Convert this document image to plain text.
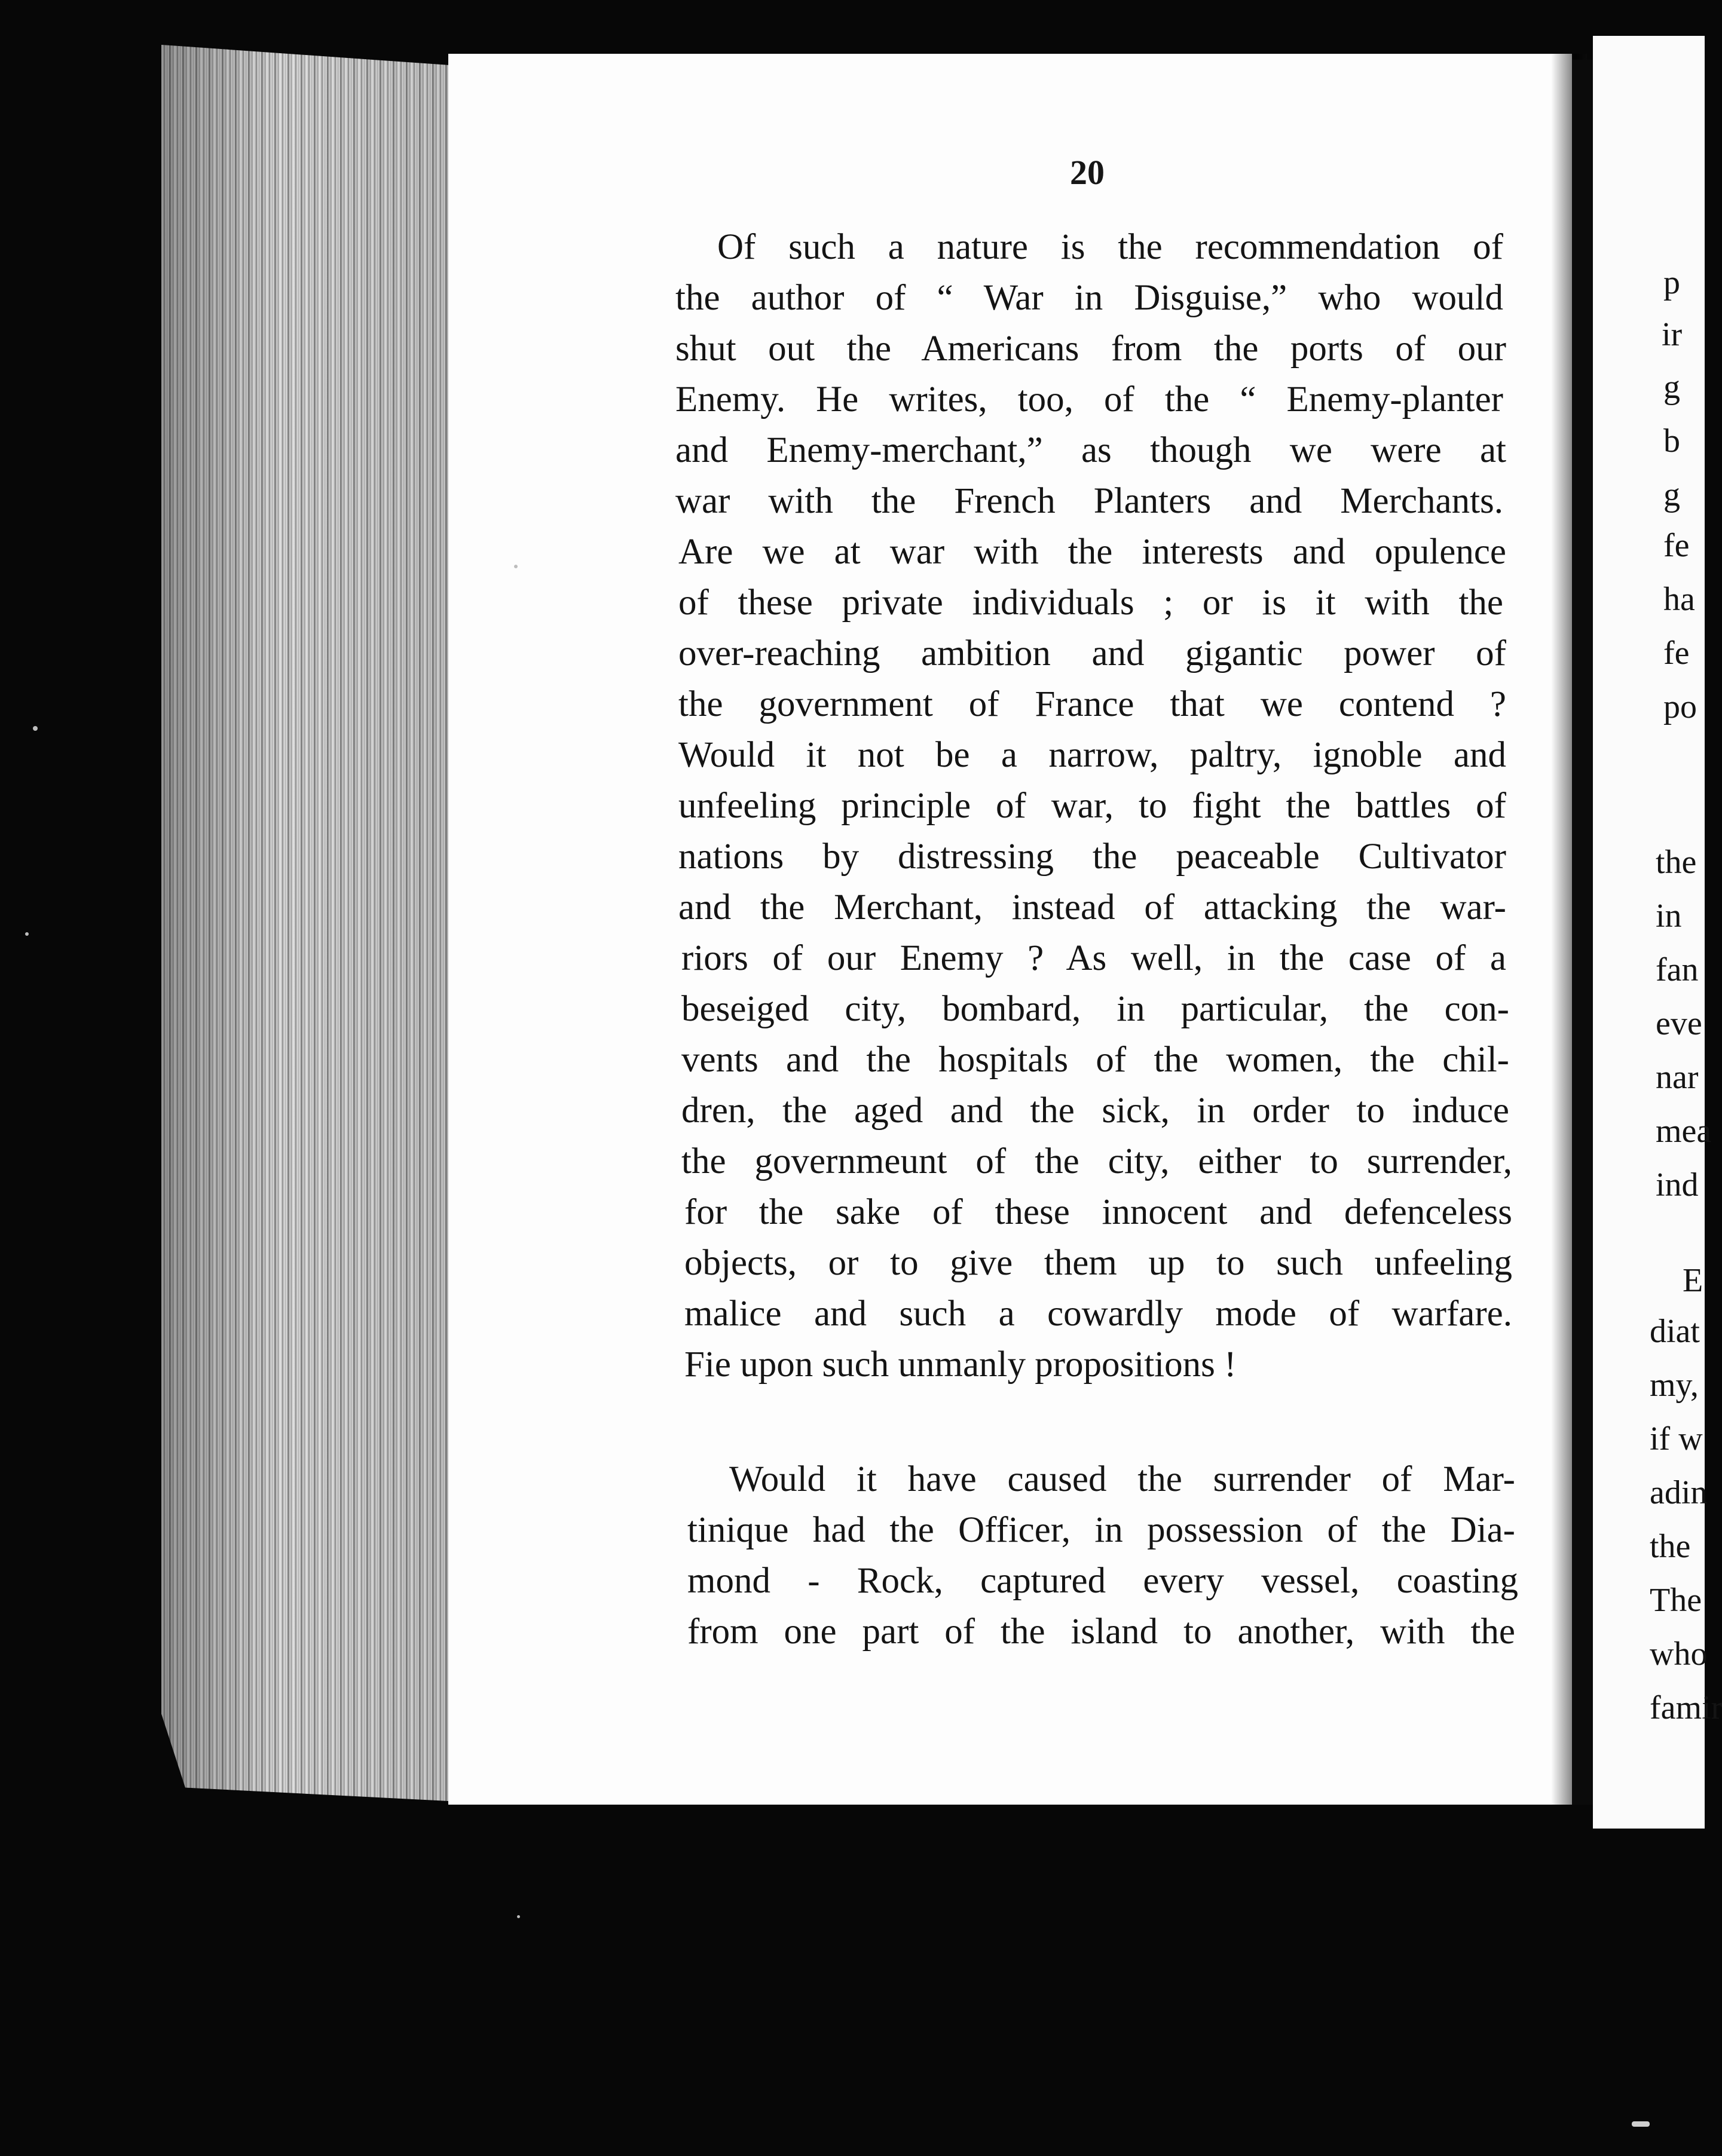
p
ir
g
b
g
fe
ha
fe
po
the
in
fan
eve
nar
mea
ind
E
diat
my,
if w
adin
the
The
who
famir
20
Of such a nature is the recommendation of
the author of “ War in Disguise,” who would
shut out the Americans from the ports of our
Enemy. He writes, too, of the “ Enemy-planter
and Enemy-merchant,” as though we were at
war with the French Planters and Merchants.
Are we at war with the interests and opulence
of these private individuals ; or is it with the
over-reaching ambition and gigantic power of
the government of France that we contend ?
Would it not be a narrow, paltry, ignoble and
unfeeling principle of war, to fight the battles of
nations by distressing the peaceable Cultivator
and the Merchant, instead of attacking the war-
riors of our Enemy ? As well, in the case of a
beseiged city, bombard, in particular, the con-
vents and the hospitals of the women, the chil-
dren, the aged and the sick, in order to induce
the governmeunt of the city, either to surrender,
for the sake of these innocent and defenceless
objects, or to give them up to such unfeeling
malice and such a cowardly mode of warfare.
Fie upon such unmanly propositions !
Would it have caused the surrender of Mar-
tinique had the Officer, in possession of the Dia-
mond - Rock, captured every vessel, coasting
from one part of the island to another, with the
